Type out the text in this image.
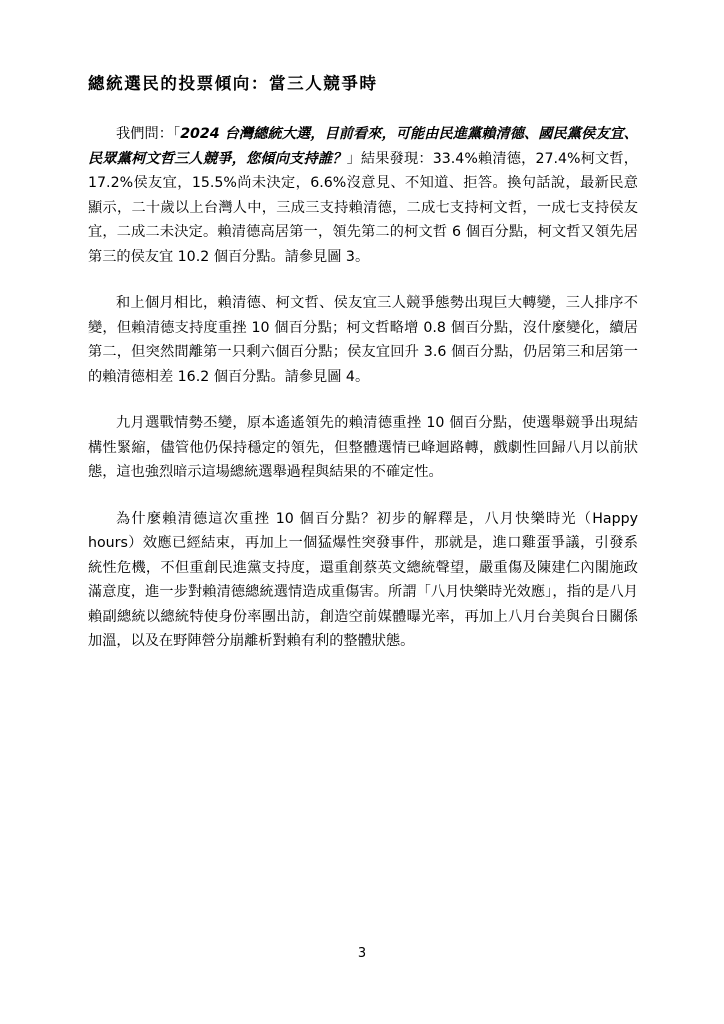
總統選民的投票傾向：當三人競爭時

我們問：「2024 台灣總統大選，目前看來，可能由民進黨賴清德、國民黨侯友宜、民眾黨柯文哲三人競爭，您傾向支持誰？」結果發現：33.4%賴清德，27.4%柯文哲，17.2%侯友宜，15.5%尚未決定，6.6%沒意見、不知道、拒答。換句話說，最新民意顯示，二十歲以上台灣人中，三成三支持賴清德，二成七支持柯文哲，一成七支持侯友宜，二成二未決定。賴清德高居第一，領先第二的柯文哲 6 個百分點，柯文哲又領先居第三的侯友宜 10.2 個百分點。請參見圖 3。

和上個月相比，賴清德、柯文哲、侯友宜三人競爭態勢出現巨大轉變，三人排序不變，但賴清德支持度重挫 10 個百分點；柯文哲略增 0.8 個百分點，沒什麼變化，續居第二，但突然間離第一只剩六個百分點；侯友宜回升 3.6 個百分點，仍居第三和居第一的賴清德相差 16.2 個百分點。請參見圖 4。

九月選戰情勢丕變，原本遙遙領先的賴清德重挫 10 個百分點，使選舉競爭出現結構性緊縮，儘管他仍保持穩定的領先，但整體選情已峰迴路轉，戲劇性回歸八月以前狀態，這也強烈暗示這場總統選舉過程與結果的不確定性。

為什麼賴清德這次重挫 10 個百分點？初步的解釋是，八月快樂時光（Happy hours）效應已經結束，再加上一個猛爆性突發事件，那就是，進口雞蛋爭議，引發系統性危機，不但重創民進黨支持度，還重創蔡英文總統聲望，嚴重傷及陳建仁內閣施政滿意度，進一步對賴清德總統選情造成重傷害。所謂「八月快樂時光效應」，指的是八月賴副總統以總統特使身份率團出訪，創造空前媒體曝光率，再加上八月台美與台日關係加溫，以及在野陣營分崩離析對賴有利的整體狀態。

3
